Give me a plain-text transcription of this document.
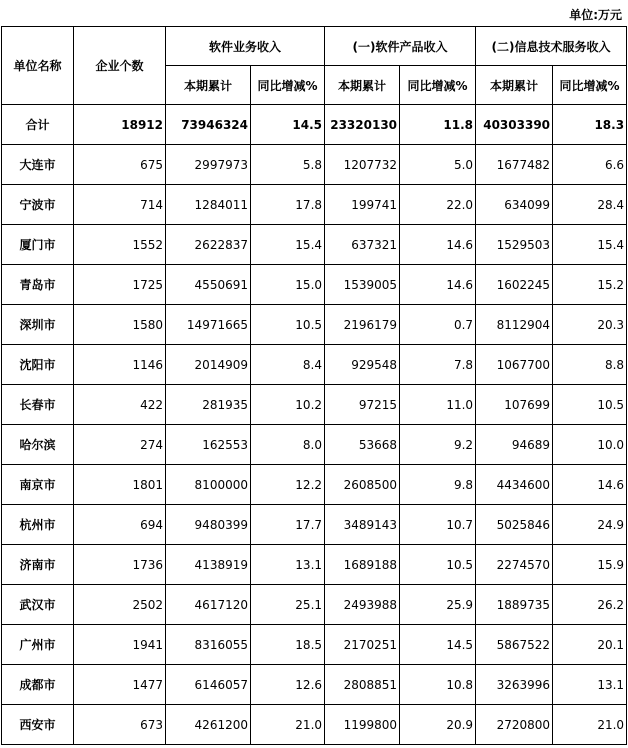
单位:万元
单位名称	企业个数	软件业务收入		(一)软件产品收入		(二)信息技术服务收入	
		本期累计	同比增减%	本期累计	同比增减%	本期累计	同比增减%
合计	18912	73946324	14.5	23320130	11.8	40303390	18.3
大连市	675	2997973	5.8	1207732	5.0	1677482	6.6
宁波市	714	1284011	17.8	199741	22.0	634099	28.4
厦门市	1552	2622837	15.4	637321	14.6	1529503	15.4
青岛市	1725	4550691	15.0	1539005	14.6	1602245	15.2
深圳市	1580	14971665	10.5	2196179	0.7	8112904	20.3
沈阳市	1146	2014909	8.4	929548	7.8	1067700	8.8
长春市	422	281935	10.2	97215	11.0	107699	10.5
哈尔滨	274	162553	8.0	53668	9.2	94689	10.0
南京市	1801	8100000	12.2	2608500	9.8	4434600	14.6
杭州市	694	9480399	17.7	3489143	10.7	5025846	24.9
济南市	1736	4138919	13.1	1689188	10.5	2274570	15.9
武汉市	2502	4617120	25.1	2493988	25.9	1889735	26.2
广州市	1941	8316055	18.5	2170251	14.5	5867522	20.1
成都市	1477	6146057	12.6	2808851	10.8	3263996	13.1
西安市	673	4261200	21.0	1199800	20.9	2720800	21.0
